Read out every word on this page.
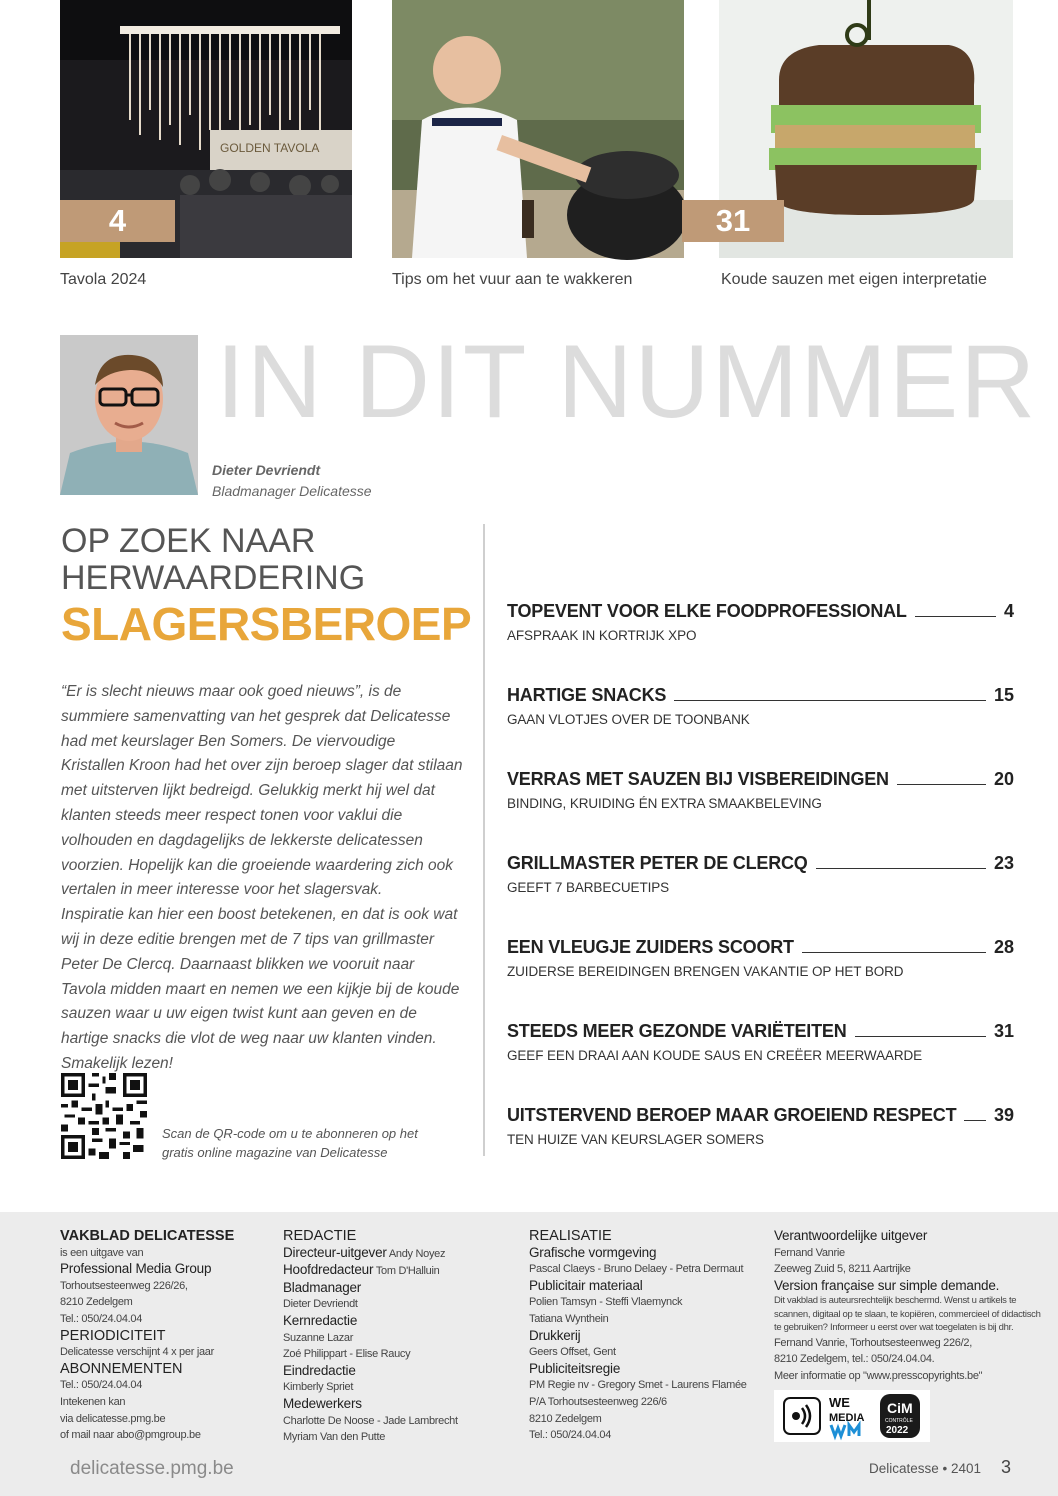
GOLDEN TAVOLA
4	31
Tavola 2024	Tips om het vuur aan te wakkeren	Koude sauzen met eigen interpretatie
IN DIT NUMMER
Dieter Devriendt
Bladmanager Delicatesse
OP ZOEK NAAR
HERWAARDERING
SLAGERSBEROEP

“Er is slecht nieuws maar ook goed nieuws”, is de summiere samenvatting van het gesprek dat Delicatesse had met keurslager Ben Somers. De viervoudige Kristallen Kroon had het over zijn beroep slager dat stilaan met uitsterven lijkt bedreigd. Gelukkig merkt hij wel dat klanten steeds meer respect tonen voor vaklui die volhouden en dagdagelijks de lekkerste delicatessen voorzien. Hopelijk kan die groeiende waardering zich ook vertalen in meer interesse voor het slagersvak.

Inspiratie kan hier een boost betekenen, en dat is ook wat wij in deze editie brengen met de 7 tips van grillmaster Peter De Clercq. Daarnaast blikken we vooruit naar Tavola midden maart en nemen we een kijkje bij de koude sauzen waar u uw eigen twist kunt aan geven en de hartige snacks die vlot de weg naar uw klanten vinden. Smakelijk lezen!

Scan de QR-code om u te abonneren op het gratis online magazine van Delicatesse
TOPEVENT VOOR ELKE FOODPROFESSIONAL	4
AFSPRAAK IN KORTRIJK XPO
HARTIGE SNACKS	15
GAAN VLOTJES OVER DE TOONBANK
VERRAS MET SAUZEN BIJ VISBEREIDINGEN	20
BINDING, KRUIDING ÉN EXTRA SMAAKBELEVING
GRILLMASTER PETER DE CLERCQ	23
GEEFT 7 BARBECUETIPS
EEN VLEUGJE ZUIDERS SCOORT	28
ZUIDERSE BEREIDINGEN BRENGEN VAKANTIE OP HET BORD
STEEDS MEER GEZONDE VARIËTEITEN	31
GEEF EEN DRAAI AAN KOUDE SAUS EN CREËER MEERWAARDE
UITSTERVEND BEROEP MAAR GROEIEND RESPECT 39
TEN HUIZE VAN KEURSLAGER SOMERS
VAKBLAD DELICATESSE
is een uitgave van
Professional Media Group
Torhoutsesteenweg 226/26,
8210 Zedelgem
Tel.: 050/24.04.04
PERIODICITEIT
Delicatesse verschijnt 4 x per jaar
ABONNEMENTEN
Tel.: 050/24.04.04
Intekenen kan
via delicatesse.pmg.be
of mail naar abo@pmgroup.be
REDACTIE
Directeur-uitgever Andy Noyez
Hoofdredacteur Tom D'Halluin
Bladmanager
Dieter Devriendt
Kernredactie
Suzanne Lazar
Zoé Philippart - Elise Raucy
Eindredactie
Kimberly Spriet
Medewerkers
Charlotte De Noose - Jade Lambrecht
Myriam Van den Putte
REALISATIE
Grafische vormgeving
Pascal Claeys - Bruno Delaey - Petra Dermaut
Publicitair materiaal
Polien Tamsyn - Steffi Vlaemynck
Tatiana Wynthein
Drukkerij
Geers Offset, Gent
Publiciteitsregie
PM Regie nv - Gregory Smet - Laurens Flamée
P/A Torhoutsesteenweg 226/6
8210 Zedelgem
Tel.: 050/24.04.04
Verantwoordelijke uitgever
Fernand Vanrie
Zeeweg Zuid 5, 8211 Aartrijke
Version française sur simple demande.
Dit vakblad is auteursrechtelijk beschermd. Wenst u artikels te
scannen, digitaal op te slaan, te kopiëren, commercieel of didactisch
te gebruiken? Informeer u eerst over wat toegelaten is bij dhr.
Fernand Vanrie, Torhoutsesteenweg 226/2,
8210 Zedelgem, tel.: 050/24.04.04.
Meer informatie op "www.presscopyrights.be"
WE
MEDIA
CiM
CONTRÔLE
2022
delicatesse.pmg.be	Delicatesse • 2401 3
